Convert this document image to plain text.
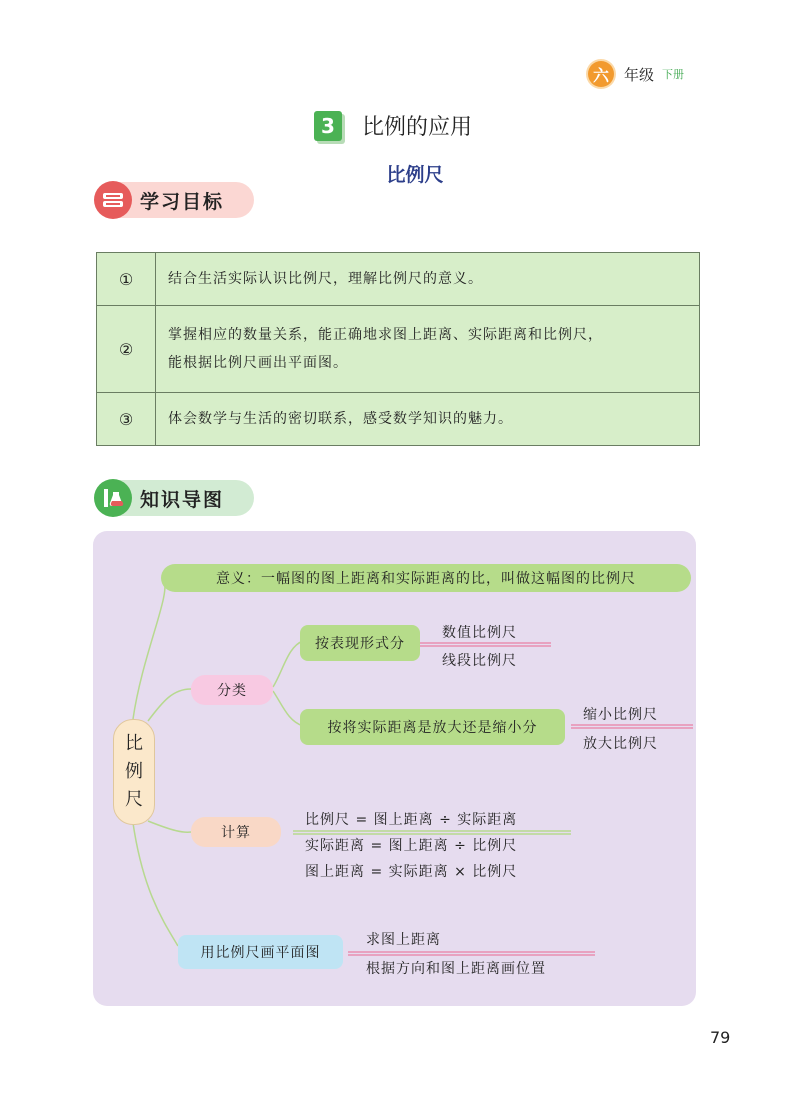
六	年级 下册
3	比例的应用
比例尺
学习目标
①	结合生活实际认识比例尺，理解比例尺的意义。

②	掌握相应的数量关系，能正确地求图上距离、实际距离和比例尺，
能根据比例尺画出平面图。

③	体会数学与生活的密切联系，感受数学知识的魅力。
知识导图
比
例
尺
意义：一幅图的图上距离和实际距离的比，叫做这幅图的比例尺
分类
按表现形式分
数值比例尺
线段比例尺
按将实际距离是放大还是缩小分
缩小比例尺
放大比例尺
计算
比例尺 = 图上距离 ÷ 实际距离
实际距离 = 图上距离 ÷ 比例尺
图上距离 = 实际距离 × 比例尺
用比例尺画平面图
求图上距离
根据方向和图上距离画位置
79
